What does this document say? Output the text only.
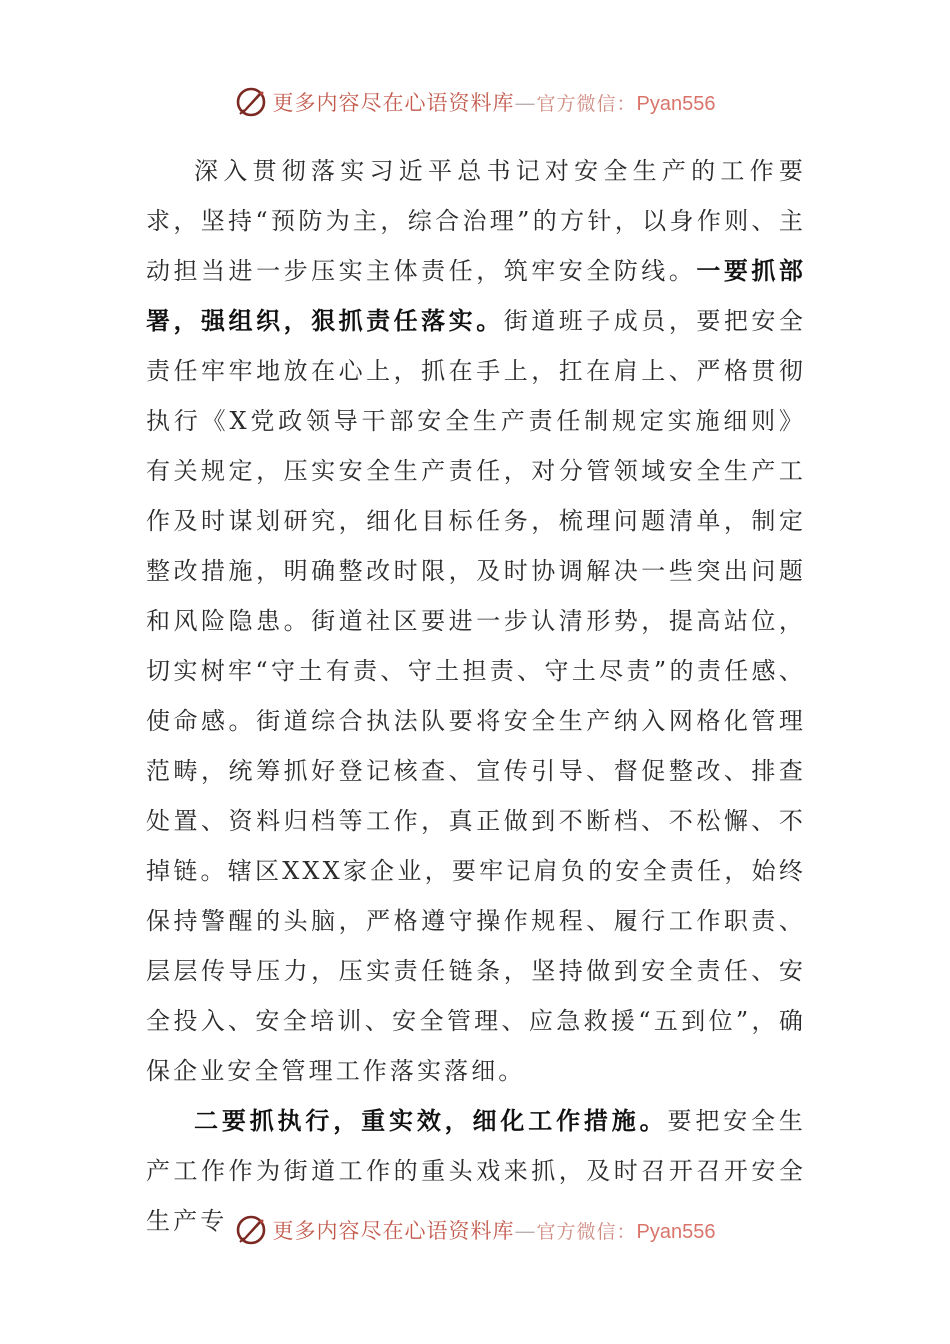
更多内容尽在心语资料库—官方微信：Pyan556

深入贯彻落实习近平总书记对安全生产的工作要求，坚持“预防为主，综合治理”的方针，以身作则、主动担当进一步压实主体责任，筑牢安全防线。一要抓部署，强组织，狠抓责任落实。街道班子成员，要把安全责任牢牢地放在心上，抓在手上，扛在肩上、严格贯彻执行《X党政领导干部安全生产责任制规定实施细则》有关规定，压实安全生产责任，对分管领域安全生产工作及时谋划研究，细化目标任务，梳理问题清单，制定整改措施，明确整改时限，及时协调解决一些突出问题和风险隐患。街道社区要进一步认清形势，提高站位，切实树牢“守土有责、守土担责、守土尽责”的责任感、使命感。街道综合执法队要将安全生产纳入网格化管理范畴，统筹抓好登记核查、宣传引导、督促整改、排查处置、资料归档等工作，真正做到不断档、不松懈、不掉链。辖区XXX家企业，要牢记肩负的安全责任，始终保持警醒的头脑，严格遵守操作规程、履行工作职责、层层传导压力，压实责任链条，坚持做到安全责任、安全投入、安全培训、安全管理、应急救援“五到位”，确保企业安全管理工作落实落细。

二要抓执行，重实效，细化工作措施。要把安全生产工作作为街道工作的重头戏来抓，及时召开召开安全生产专	更多内容尽在心语资料库—官方微信：Pyan556
